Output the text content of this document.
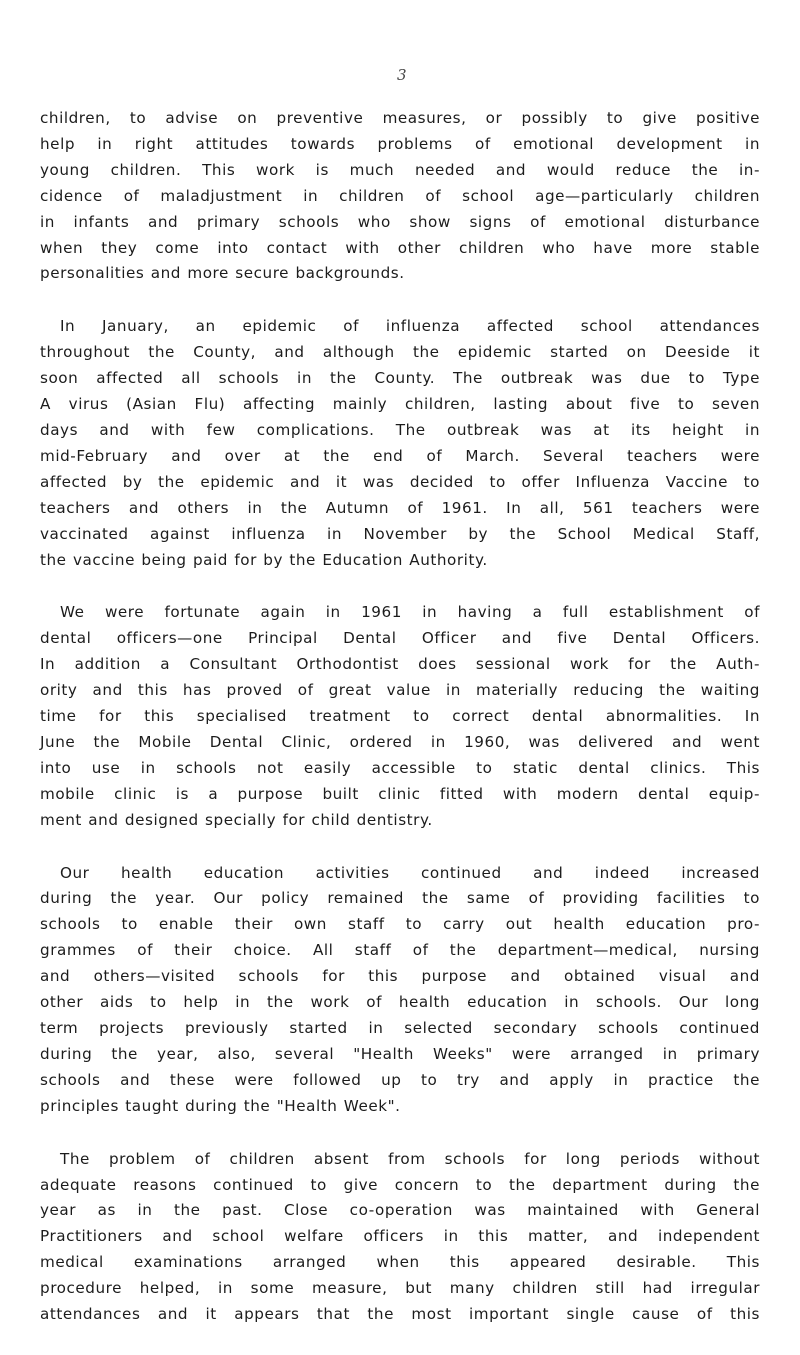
3

children, to advise on preventive measures, or possibly to give positive
help in right attitudes towards problems of emotional development in
young children. This work is much needed and would reduce the in-
cidence of maladjustment in children of school age—particularly children
in infants and primary schools who show signs of emotional disturbance
when they come into contact with other children who have more stable
personalities and more secure backgrounds.

In January, an epidemic of influenza affected school attendances
throughout the County, and although the epidemic started on Deeside it
soon affected all schools in the County. The outbreak was due to Type
A virus (Asian Flu) affecting mainly children, lasting about five to seven
days and with few complications. The outbreak was at its height in
mid-February and over at the end of March. Several teachers were
affected by the epidemic and it was decided to offer Influenza Vaccine to
teachers and others in the Autumn of 1961. In all, 561 teachers were
vaccinated against influenza in November by the School Medical Staff,
the vaccine being paid for by the Education Authority.

We were fortunate again in 1961 in having a full establishment of
dental officers—one Principal Dental Officer and five Dental Officers.
In addition a Consultant Orthodontist does sessional work for the Auth-
ority and this has proved of great value in materially reducing the waiting
time for this specialised treatment to correct dental abnormalities. In
June the Mobile Dental Clinic, ordered in 1960, was delivered and went
into use in schools not easily accessible to static dental clinics. This
mobile clinic is a purpose built clinic fitted with modern dental equip-
ment and designed specially for child dentistry.

Our health education activities continued and indeed increased
during the year. Our policy remained the same of providing facilities to
schools to enable their own staff to carry out health education pro-
grammes of their choice. All staff of the department—medical, nursing
and others—visited schools for this purpose and obtained visual and
other aids to help in the work of health education in schools. Our long
term projects previously started in selected secondary schools continued
during the year, also, several "Health Weeks" were arranged in primary
schools and these were followed up to try and apply in practice the
principles taught during the "Health Week".

The problem of children absent from schools for long periods without
adequate reasons continued to give concern to the department during the
year as in the past. Close co-operation was maintained with General
Practitioners and school welfare officers in this matter, and independent
medical examinations arranged when this appeared desirable. This
procedure helped, in some measure, but many children still had irregular
attendances and it appears that the most important single cause of this
